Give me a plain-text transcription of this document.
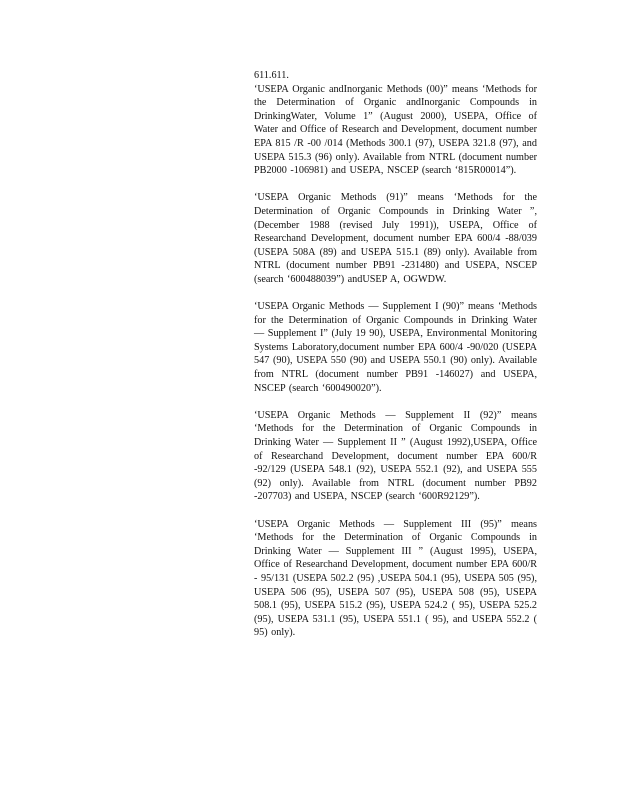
611.611.

‘USEPA Organic andInorganic Methods (00)” means ‘Methods for the Determination of Organic andInorganic Compounds in DrinkingWater, Volume 1” (August 2000), USEPA, Office of Water and Office of Research and Development, document number EPA 815 /R -00 /014 (Methods 300.1 (97), USEPA 321.8 (97), and USEPA 515.3 (96) only). Available from NTRL (document number PB2000 -106981) and USEPA, NSCEP (search ‘815R00014”).

‘USEPA Organic Methods (91)” means ‘Methods for the Determination of Organic Compounds in Drinking Water ”, (December 1988 (revised July 1991)), USEPA, Office of Researchand Development, document number EPA 600/4 -88/039 (USEPA 508A (89) and USEPA 515.1 (89) only). Available from NTRL (document number PB91 -231480) and USEPA, NSCEP (search ‘600488039”) andUSEP A, OGWDW.

‘USEPA Organic Methods — Supplement I (90)” means ‘Methods for the Determination of Organic Compounds in Drinking Water — Supplement I” (July 19 90), USEPA, Environmental Monitoring Systems Laboratory,document number EPA 600/4 -90/020 (USEPA 547 (90), USEPA 550 (90) and USEPA 550.1 (90) only). Available from NTRL (document number PB91 -146027) and USEPA, NSCEP (search ‘600490020”).

‘USEPA Organic Methods — Supplement II (92)” means ‘Methods for the Determination of Organic Compounds in Drinking Water — Supplement II ” (August 1992),USEPA, Office of Researchand Development, document number EPA 600/R -92/129 (USEPA 548.1 (92), USEPA 552.1 (92), and USEPA 555 (92) only). Available from NTRL (document number PB92 -207703) and USEPA, NSCEP (search ‘600R92129”).

‘USEPA Organic Methods — Supplement III (95)” means ‘Methods for the Determination of Organic Compounds in Drinking Water — Supplement III ” (August 1995), USEPA, Office of Researchand Development, document number EPA 600/R - 95/131 (USEPA 502.2 (95) ,USEPA 504.1 (95), USEPA 505 (95), USEPA 506 (95), USEPA 507 (95), USEPA 508 (95), USEPA 508.1 (95), USEPA 515.2 (95), USEPA 524.2 ( 95), USEPA 525.2 (95), USEPA 531.1 (95), USEPA 551.1 ( 95), and USEPA 552.2 ( 95) only).
